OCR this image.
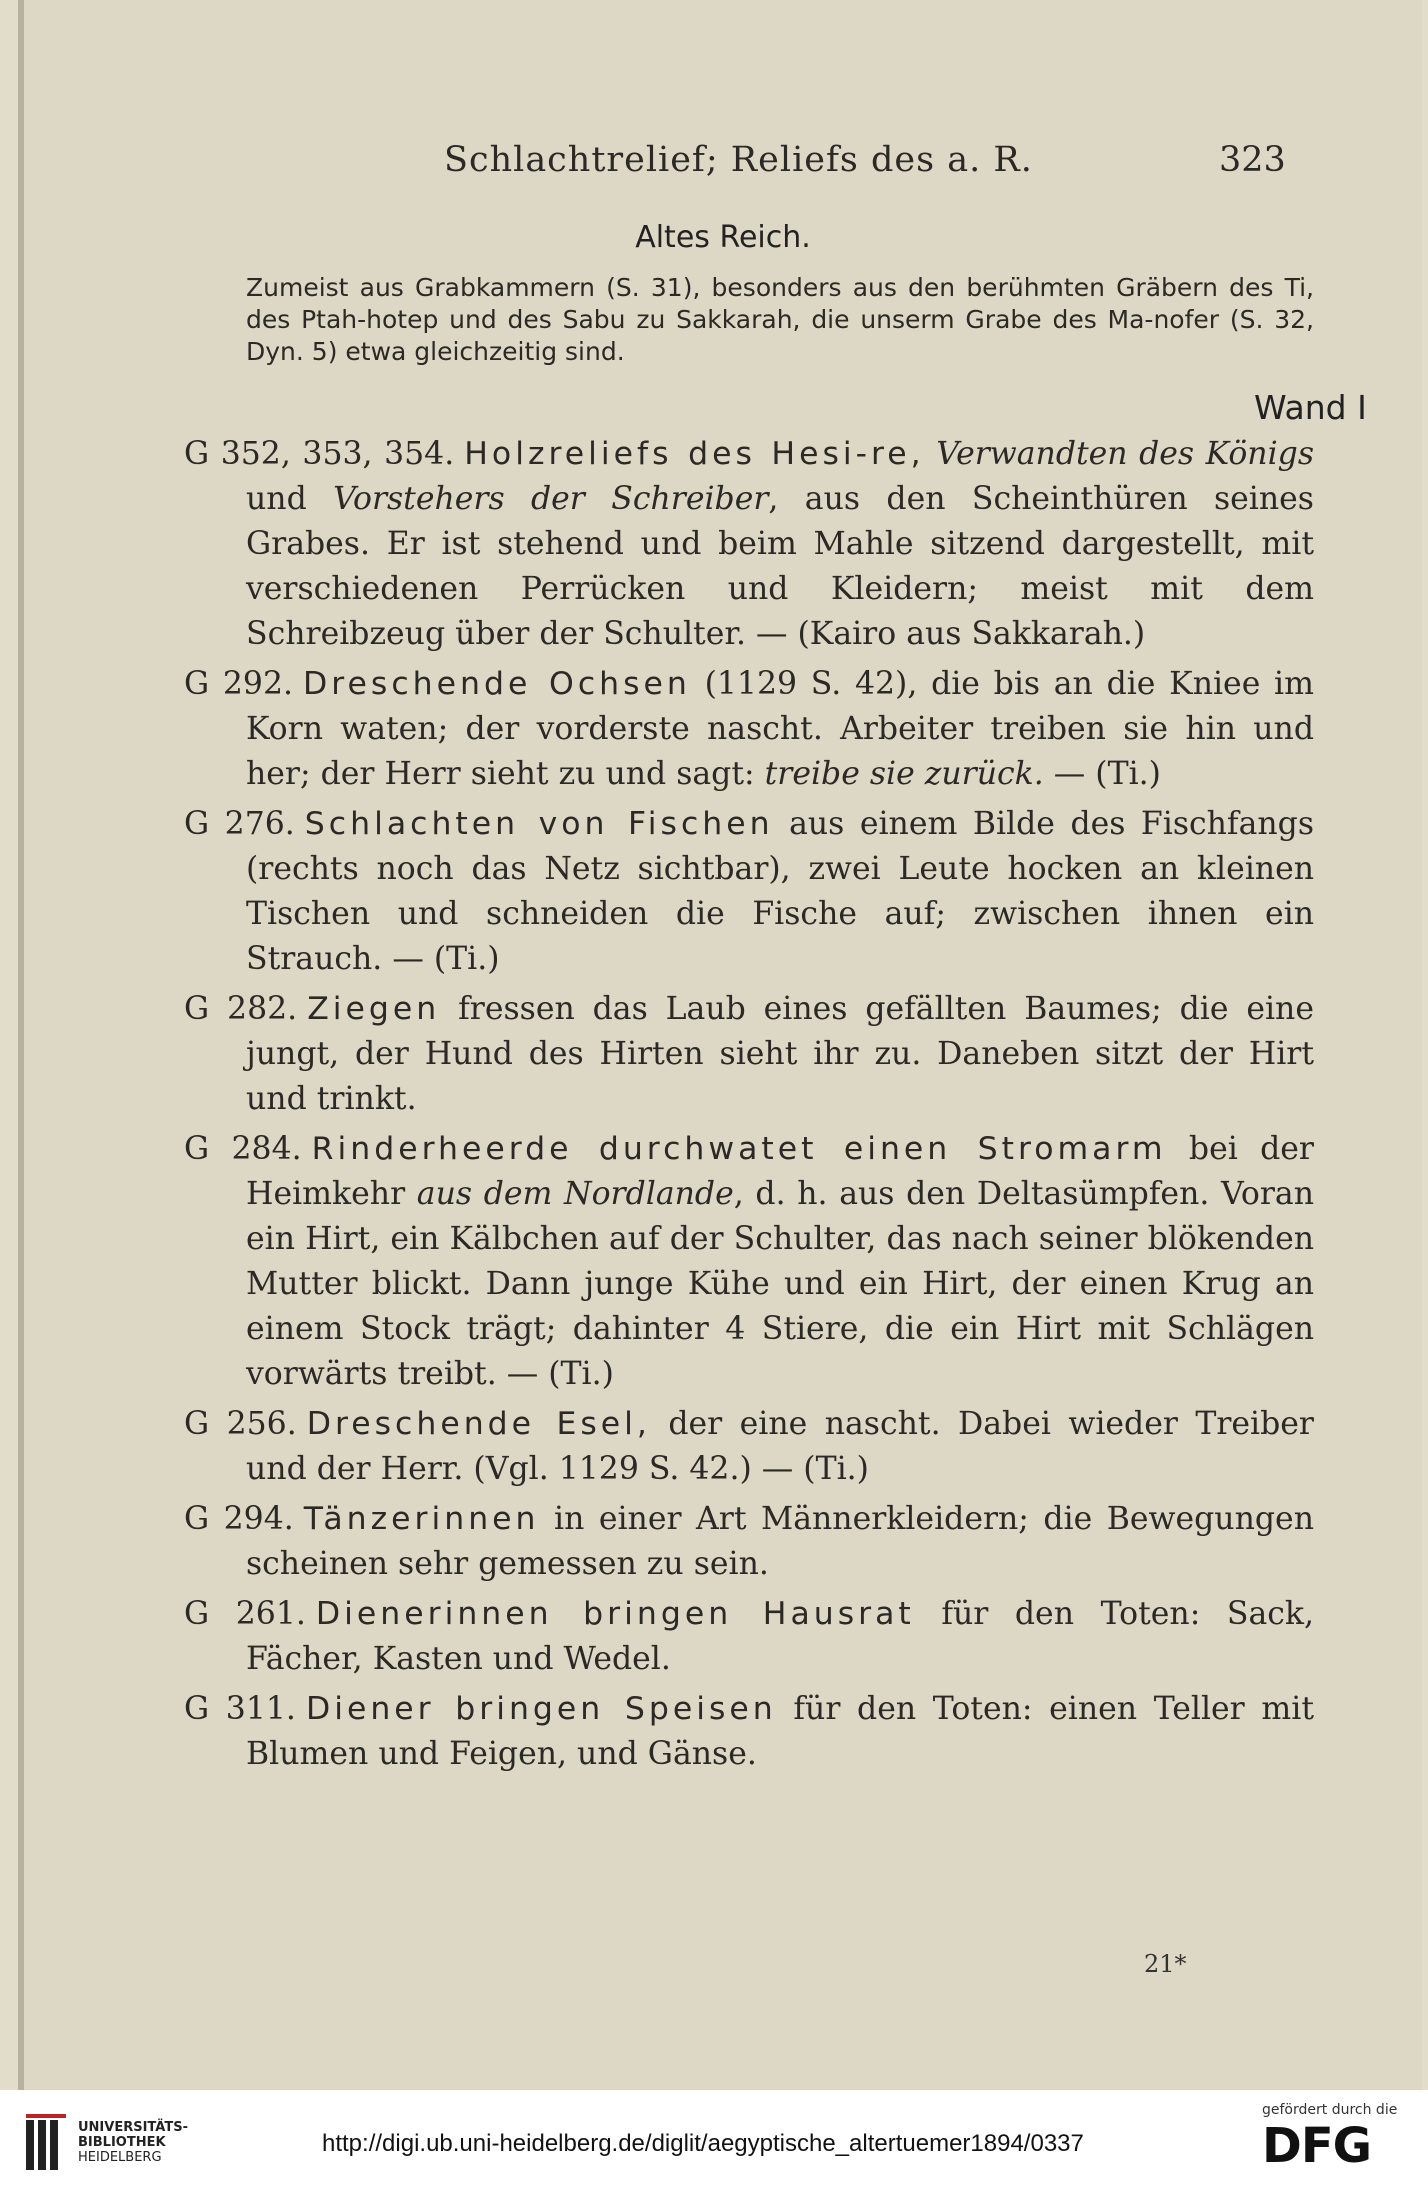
Schlachtrelief; Reliefs des a. R.	323
Altes Reich.
Zumeist aus Grabkammern (S. 31), besonders aus den berühmten Gräbern des Ti, des Ptah-hotep und des Sabu zu Sakkarah, die unserm Grabe des Ma-nofer (S. 32, Dyn. 5) etwa gleichzeitig sind.
Wand I

G 352, 353, 354. Holzreliefs des Hesi-re, Verwandten des Königs und Vorstehers der Schreiber, aus den Scheinthüren seines Grabes. Er ist stehend und beim Mahle sitzend dargestellt, mit verschiedenen Perrücken und Kleidern; meist mit dem Schreibzeug über der Schulter. — (Kairo aus Sakkarah.)

G 292. Dreschende Ochsen (1129 S. 42), die bis an die Kniee im Korn waten; der vorderste nascht. Arbeiter treiben sie hin und her; der Herr sieht zu und sagt: treibe sie zurück. — (Ti.)

G 276. Schlachten von Fischen aus einem Bilde des Fischfangs (rechts noch das Netz sichtbar), zwei Leute hocken an kleinen Tischen und schneiden die Fische auf; zwischen ihnen ein Strauch. — (Ti.)

G 282. Ziegen fressen das Laub eines gefällten Baumes; die eine jungt, der Hund des Hirten sieht ihr zu. Daneben sitzt der Hirt und trinkt.

G 284. Rinderheerde durchwatet einen Stromarm bei der Heimkehr aus dem Nordlande, d. h. aus den Deltasümpfen. Voran ein Hirt, ein Kälbchen auf der Schulter, das nach seiner blökenden Mutter blickt. Dann junge Kühe und ein Hirt, der einen Krug an einem Stock trägt; dahinter 4 Stiere, die ein Hirt mit Schlägen vorwärts treibt. — (Ti.)

G 256. Dreschende Esel, der eine nascht. Dabei wieder Treiber und der Herr. (Vgl. 1129 S. 42.) — (Ti.)

G 294. Tänzerinnen in einer Art Männerkleidern; die Bewegungen scheinen sehr gemessen zu sein.

G 261. Dienerinnen bringen Hausrat für den Toten: Sack, Fächer, Kasten und Wedel.

G 311. Diener bringen Speisen für den Toten: einen Teller mit Blumen und Feigen, und Gänse.

21*
UNIVERSITÄTS-
BIBLIOTHEK
HEIDELBERG
http://digi.ub.uni-heidelberg.de/diglit/aegyptische_altertuemer1894/0337
gefördert durch die
DFG
